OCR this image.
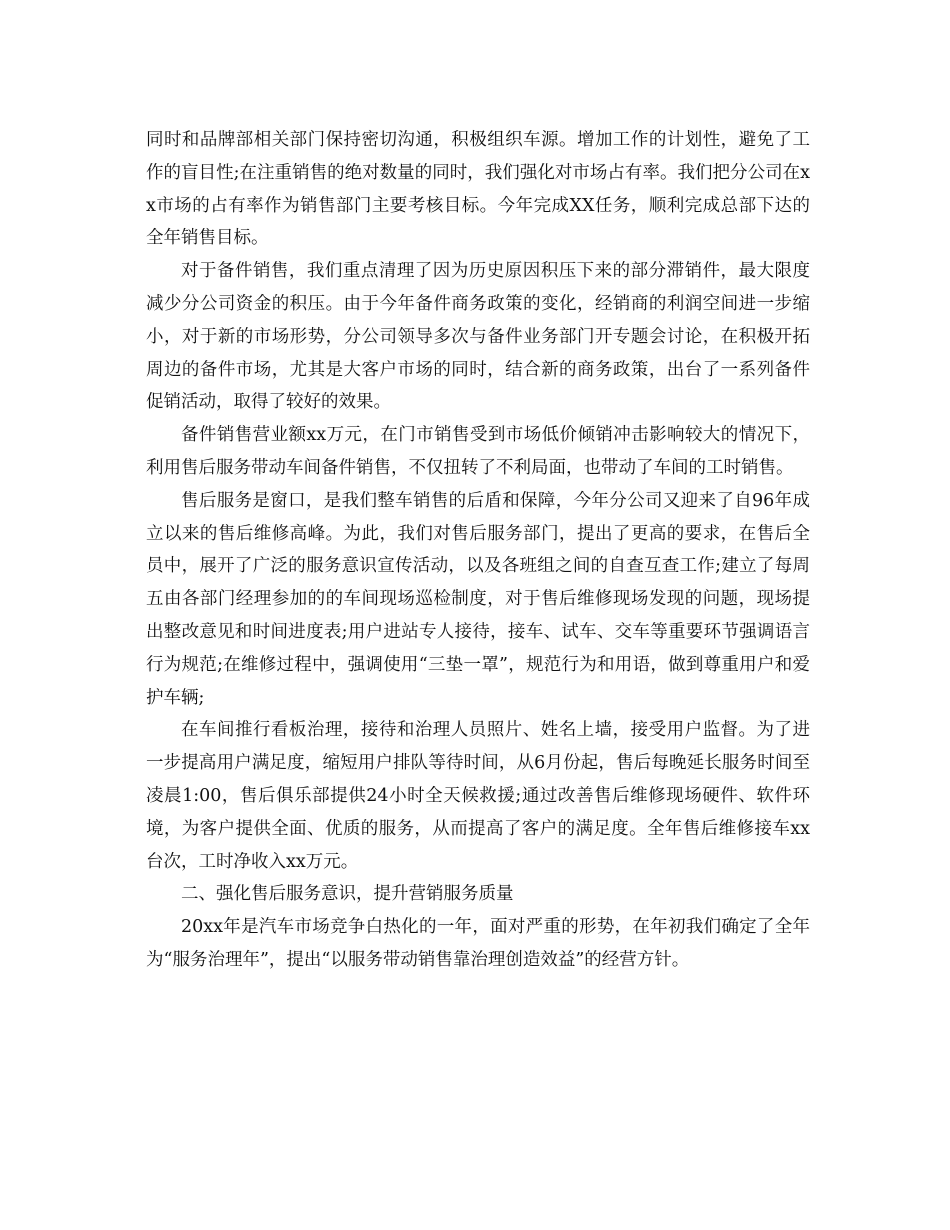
同时和品牌部相关部门保持密切沟通，积极组织车源。增加工作的计划性，避免了工作的盲目性;在注重销售的绝对数量的同时，我们强化对市场占有率。我们把分公司在xx市场的占有率作为销售部门主要考核目标。今年完成XX任务，顺利完成总部下达的全年销售目标。

对于备件销售，我们重点清理了因为历史原因积压下来的部分滞销件，最大限度减少分公司资金的积压。由于今年备件商务政策的变化，经销商的利润空间进一步缩小，对于新的市场形势，分公司领导多次与备件业务部门开专题会讨论，在积极开拓周边的备件市场，尤其是大客户市场的同时，结合新的商务政策，出台了一系列备件促销活动，取得了较好的效果。

备件销售营业额xx万元，在门市销售受到市场低价倾销冲击影响较大的情况下，利用售后服务带动车间备件销售，不仅扭转了不利局面，也带动了车间的工时销售。

售后服务是窗口，是我们整车销售的后盾和保障，今年分公司又迎来了自96年成立以来的售后维修高峰。为此，我们对售后服务部门，提出了更高的要求，在售后全员中，展开了广泛的服务意识宣传活动，以及各班组之间的自查互查工作;建立了每周五由各部门经理参加的的车间现场巡检制度，对于售后维修现场发现的问题，现场提出整改意见和时间进度表;用户进站专人接待，接车、试车、交车等重要环节强调语言行为规范;在维修过程中，强调使用“三垫一罩”，规范行为和用语，做到尊重用户和爱护车辆;

在车间推行看板治理，接待和治理人员照片、姓名上墙，接受用户监督。为了进一步提高用户满足度，缩短用户排队等待时间，从6月份起，售后每晚延长服务时间至凌晨1:00，售后俱乐部提供24小时全天候救援;通过改善售后维修现场硬件、软件环境，为客户提供全面、优质的服务，从而提高了客户的满足度。全年售后维修接车xx台次，工时净收入xx万元。

二、强化售后服务意识，提升营销服务质量

20xx年是汽车市场竞争白热化的一年，面对严重的形势，在年初我们确定了全年为“服务治理年”，提出“以服务带动销售靠治理创造效益”的经营方针。
